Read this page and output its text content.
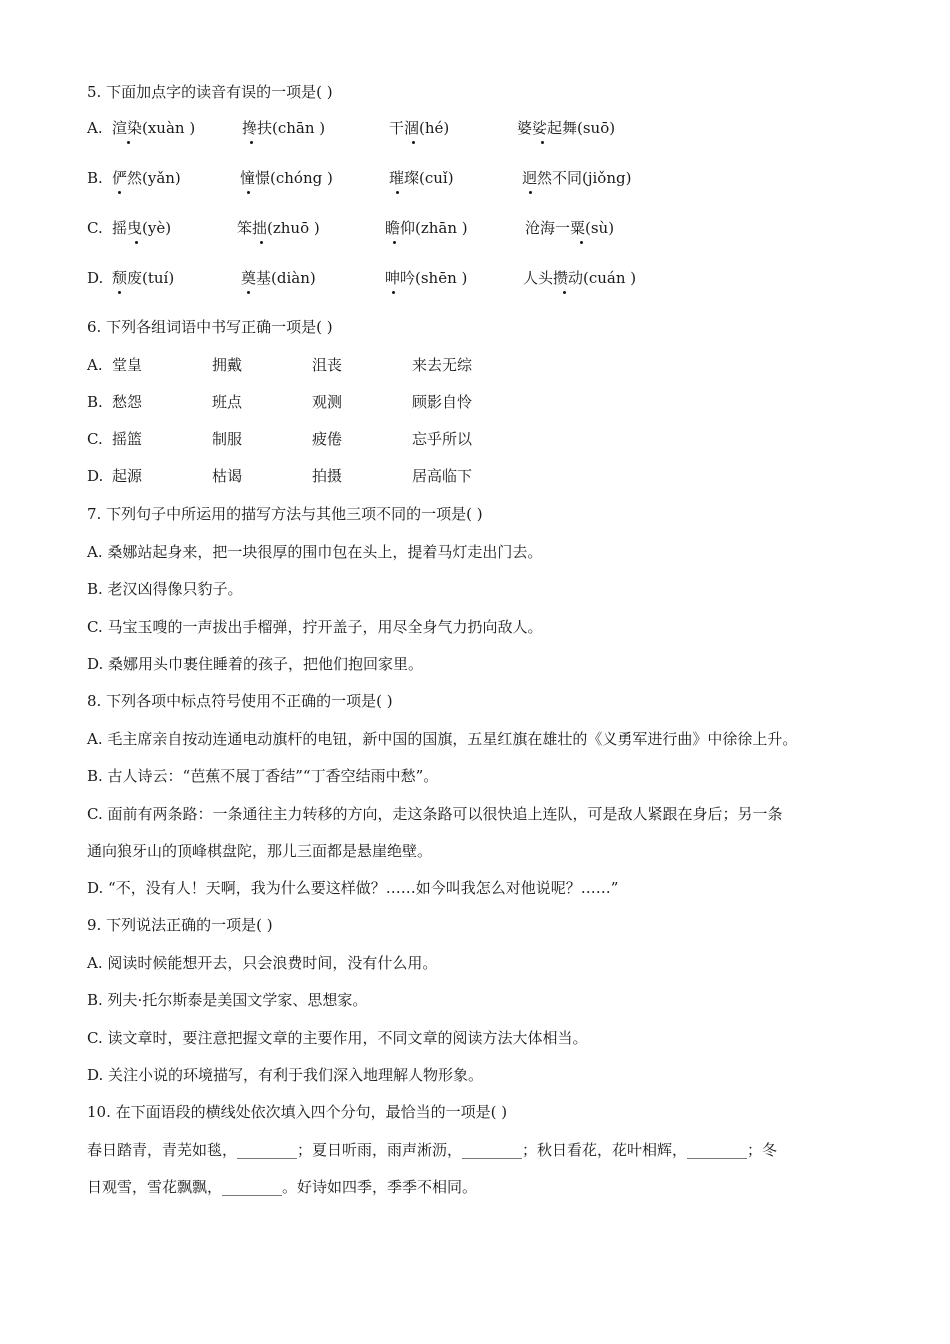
5. 下面加点字的读音有误的一项是( )
A. 渲染(xuàn )	搀扶(chān )	干涸(hé)	婆娑起舞(suō)
B. 俨然(yǎn)	憧憬(chóng )	璀璨(cuǐ)	迥然不同(jiǒng)
C. 摇曳(yè)	笨拙(zhuō )	瞻仰(zhān )	沧海一粟(sù)
D. 颓废(tuí)	奠基(diàn)	呻吟(shēn )	人头攒动(cuán )
6. 下列各组词语中书写正确一项是( )
A. 堂皇	拥戴	沮丧	来去无综
B. 愁怨	班点	观测	顾影自怜
C. 摇篮	制服	疲倦	忘乎所以
D. 起源	枯谒	拍摄	居高临下
7. 下列句子中所运用的描写方法与其他三项不同的一项是( )
A. 桑娜站起身来，把一块很厚的围巾包在头上，提着马灯走出门去。
B. 老汉凶得像只豹子。
C. 马宝玉嗖的一声拔出手榴弹，拧开盖子，用尽全身气力扔向敌人。
D. 桑娜用头巾裹住睡着的孩子，把他们抱回家里。
8. 下列各项中标点符号使用不正确的一项是( )
A. 毛主席亲自按动连通电动旗杆的电钮，新中国的国旗，五星红旗在雄壮的《义勇军进行曲》中徐徐上升。
B. 古人诗云：“芭蕉不展丁香结”“丁香空结雨中愁”。
C. 面前有两条路：一条通往主力转移的方向，走这条路可以很快追上连队，可是敌人紧跟在身后；另一条
通向狼牙山的顶峰棋盘陀，那儿三面都是悬崖绝壁。
D. “不，没有人！天啊，我为什么要这样做？……如今叫我怎么对他说呢？……”
9. 下列说法正确的一项是( )
A. 阅读时候能想开去，只会浪费时间，没有什么用。
B. 列夫·托尔斯泰是美国文学家、思想家。
C. 读文章时，要注意把握文章的主要作用，不同文章的阅读方法大体相当。
D. 关注小说的环境描写，有利于我们深入地理解人物形象。
10. 在下面语段的横线处依次填入四个分句，最恰当的一项是( )
春日踏青，青芜如毯，________；夏日听雨，雨声淅沥，________；秋日看花，花叶相辉，________；冬
日观雪，雪花飘飘，________。好诗如四季，季季不相同。
